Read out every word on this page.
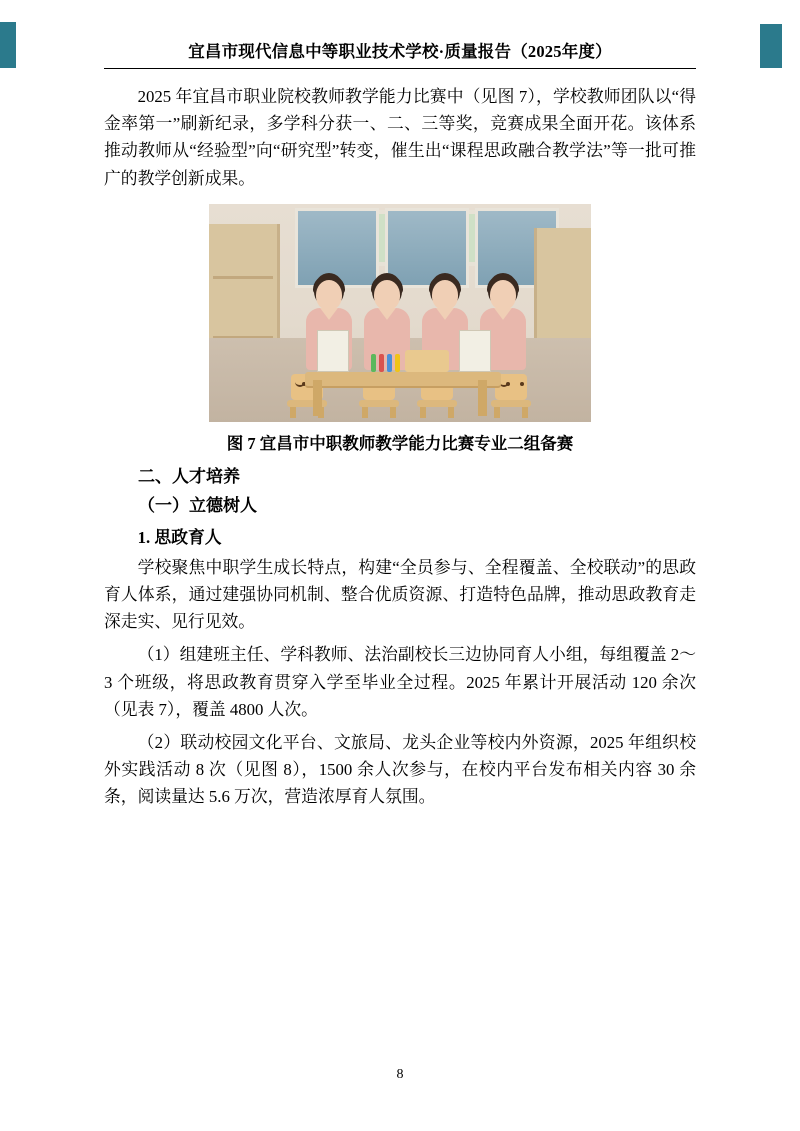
宜昌市现代信息中等职业技术学校·质量报告（2025年度）
2025 年宜昌市职业院校教师教学能力比赛中（见图 7），学校教师团队以“得金率第一”刷新纪录，多学科分获一、二、三等奖，竞赛成果全面开花。该体系推动教师从“经验型”向“研究型”转变，催生出“课程思政融合教学法”等一批可推广的教学创新成果。
图 7 宜昌市中职教师教学能力比赛专业二组备赛
二、人才培养
（一）立德树人
1. 思政育人
学校聚焦中职学生成长特点，构建“全员参与、全程覆盖、全校联动”的思政育人体系，通过建强协同机制、整合优质资源、打造特色品牌，推动思政教育走深走实、见行见效。
（1）组建班主任、学科教师、法治副校长三边协同育人小组，每组覆盖 2～3 个班级，将思政教育贯穿入学至毕业全过程。2025 年累计开展活动 120 余次（见表 7），覆盖 4800 人次。
（2）联动校园文化平台、文旅局、龙头企业等校内外资源，2025 年组织校外实践活动 8 次（见图 8），1500 余人次参与，在校内平台发布相关内容 30 余条，阅读量达 5.6 万次，营造浓厚育人氛围。
8
